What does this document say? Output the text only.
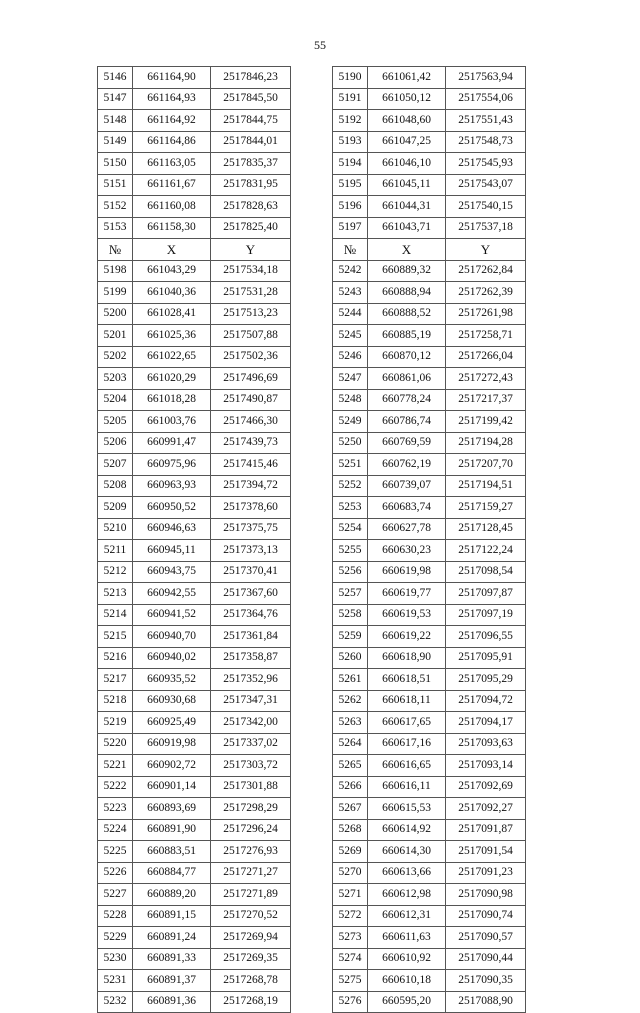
55
5146	661164,90	2517846,23
5147	661164,93	2517845,50
5148	661164,92	2517844,75
5149	661164,86	2517844,01
5150	661163,05	2517835,37
5151	661161,67	2517831,95
5152	661160,08	2517828,63
5153	661158,30	2517825,40
№	X	Y
5198	661043,29	2517534,18
5199	661040,36	2517531,28
5200	661028,41	2517513,23
5201	661025,36	2517507,88
5202	661022,65	2517502,36
5203	661020,29	2517496,69
5204	661018,28	2517490,87
5205	661003,76	2517466,30
5206	660991,47	2517439,73
5207	660975,96	2517415,46
5208	660963,93	2517394,72
5209	660950,52	2517378,60
5210	660946,63	2517375,75
5211	660945,11	2517373,13
5212	660943,75	2517370,41
5213	660942,55	2517367,60
5214	660941,52	2517364,76
5215	660940,70	2517361,84
5216	660940,02	2517358,87
5217	660935,52	2517352,96
5218	660930,68	2517347,31
5219	660925,49	2517342,00
5220	660919,98	2517337,02
5221	660902,72	2517303,72
5222	660901,14	2517301,88
5223	660893,69	2517298,29
5224	660891,90	2517296,24
5225	660883,51	2517276,93
5226	660884,77	2517271,27
5227	660889,20	2517271,89
5228	660891,15	2517270,52
5229	660891,24	2517269,94
5230	660891,33	2517269,35
5231	660891,37	2517268,78
5232	660891,36	2517268,19
5190	661061,42	2517563,94
5191	661050,12	2517554,06
5192	661048,60	2517551,43
5193	661047,25	2517548,73
5194	661046,10	2517545,93
5195	661045,11	2517543,07
5196	661044,31	2517540,15
5197	661043,71	2517537,18
№	X	Y
5242	660889,32	2517262,84
5243	660888,94	2517262,39
5244	660888,52	2517261,98
5245	660885,19	2517258,71
5246	660870,12	2517266,04
5247	660861,06	2517272,43
5248	660778,24	2517217,37
5249	660786,74	2517199,42
5250	660769,59	2517194,28
5251	660762,19	2517207,70
5252	660739,07	2517194,51
5253	660683,74	2517159,27
5254	660627,78	2517128,45
5255	660630,23	2517122,24
5256	660619,98	2517098,54
5257	660619,77	2517097,87
5258	660619,53	2517097,19
5259	660619,22	2517096,55
5260	660618,90	2517095,91
5261	660618,51	2517095,29
5262	660618,11	2517094,72
5263	660617,65	2517094,17
5264	660617,16	2517093,63
5265	660616,65	2517093,14
5266	660616,11	2517092,69
5267	660615,53	2517092,27
5268	660614,92	2517091,87
5269	660614,30	2517091,54
5270	660613,66	2517091,23
5271	660612,98	2517090,98
5272	660612,31	2517090,74
5273	660611,63	2517090,57
5274	660610,92	2517090,44
5275	660610,18	2517090,35
5276	660595,20	2517088,90
